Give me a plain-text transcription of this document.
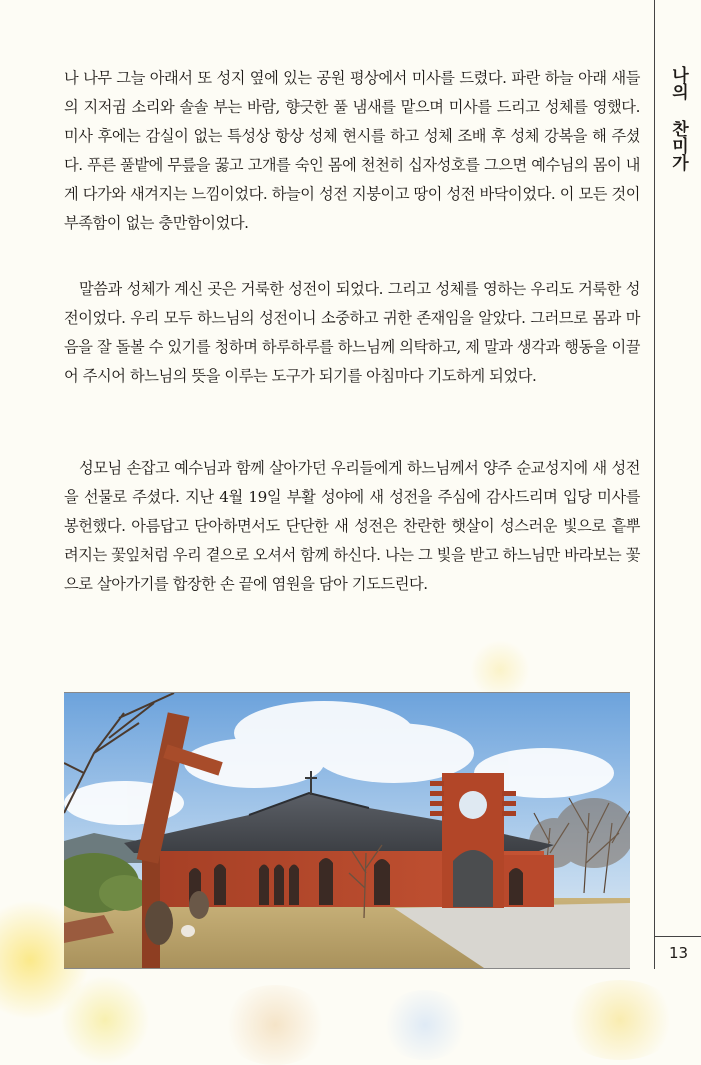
나의 찬미가
13

나 나무 그늘 아래서 또 성지 옆에 있는 공원 평상에서 미사를 드렸다. 파란 하늘 아래 새들의 지저귐 소리와 솔솔 부는 바람, 향긋한 풀 냄새를 맡으며 미사를 드리고 성체를 영했다. 미사 후에는 감실이 없는 특성상 항상 성체 현시를 하고 성체 조배 후 성체 강복을 해 주셨다. 푸른 풀밭에 무릎을 꿇고 고개를 숙인 몸에 천천히 십자성호를 그으면 예수님의 몸이 내게 다가와 새겨지는 느낌이었다. 하늘이 성전 지붕이고 땅이 성전 바닥이었다. 이 모든 것이 부족함이 없는 충만함이었다.

말씀과 성체가 계신 곳은 거룩한 성전이 되었다. 그리고 성체를 영하는 우리도 거룩한 성전이었다. 우리 모두 하느님의 성전이니 소중하고 귀한 존재임을 알았다. 그러므로 몸과 마음을 잘 돌볼 수 있기를 청하며 하루하루를 하느님께 의탁하고, 제 말과 생각과 행동을 이끌어 주시어 하느님의 뜻을 이루는 도구가 되기를 아침마다 기도하게 되었다.

성모님 손잡고 예수님과 함께 살아가던 우리들에게 하느님께서 양주 순교성지에 새 성전을 선물로 주셨다. 지난 4월 19일 부활 성야에 새 성전을 주심에 감사드리며 입당 미사를 봉헌했다. 아름답고 단아하면서도 단단한 새 성전은 찬란한 햇살이 성스러운 빛으로 흩뿌려지는 꽃잎처럼 우리 곁으로 오셔서 함께 하신다. 나는 그 빛을 받고 하느님만 바라보는 꽃으로 살아가기를 합장한 손 끝에 염원을 담아 기도드린다.
